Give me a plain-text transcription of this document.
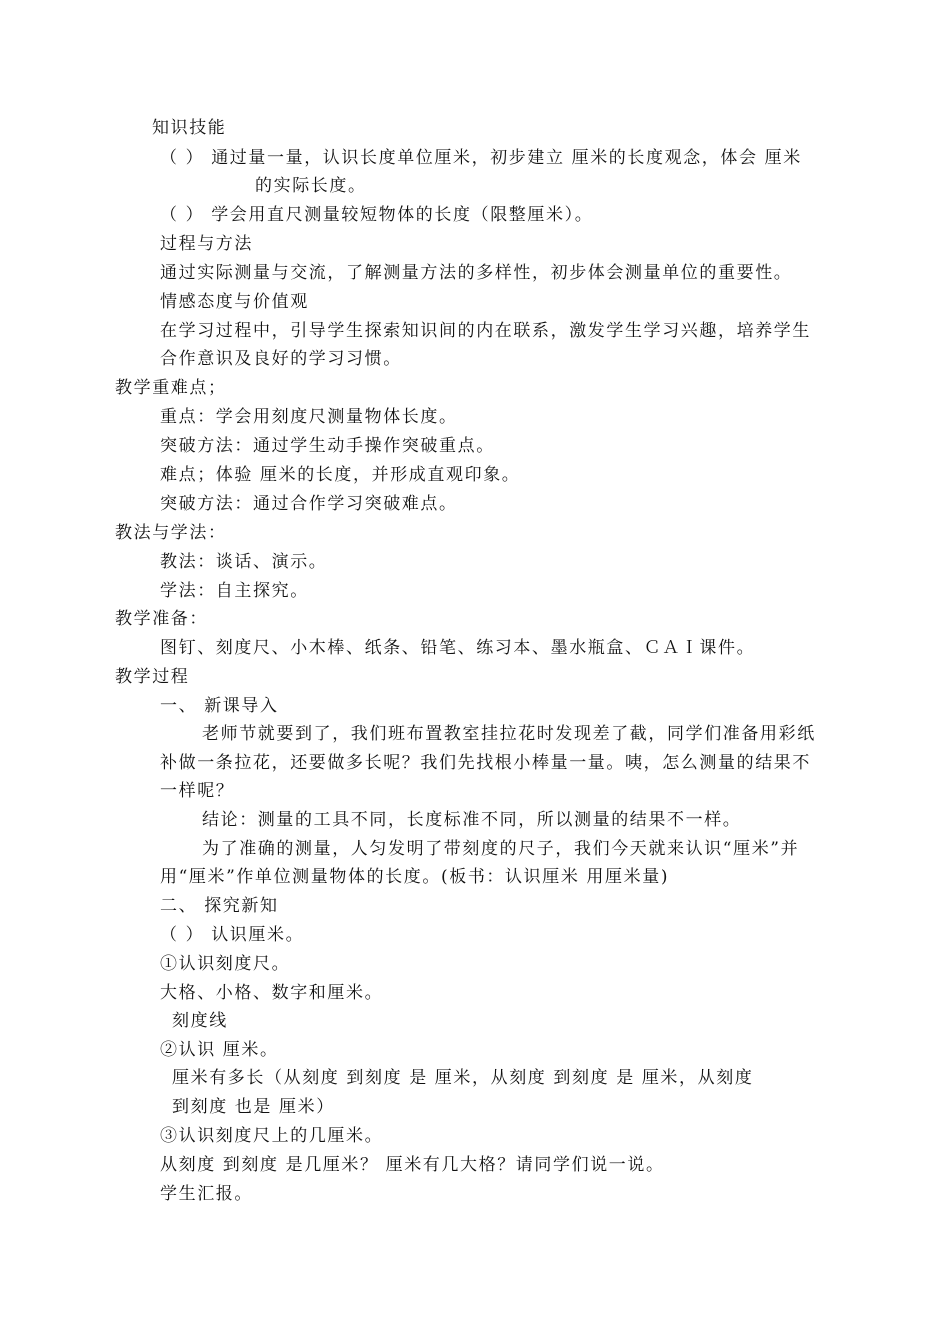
知识技能
（ ） 通过量一量，认识长度单位厘米，初步建立 厘米的长度观念，体会 厘米
的实际长度。
（ ） 学会用直尺测量较短物体的长度（限整厘米）。
过程与方法
通过实际测量与交流，了解测量方法的多样性，初步体会测量单位的重要性。
情感态度与价值观
在学习过程中，引导学生探索知识间的内在联系，激发学生学习兴趣，培养学生
合作意识及良好的学习习惯。
教学重难点；
重点：学会用刻度尺测量物体长度。
突破方法：通过学生动手操作突破重点。
难点；体验 厘米的长度，并形成直观印象。
突破方法：通过合作学习突破难点。
教法与学法：
教法：谈话、演示。
学法：自主探究。
教学准备：
图钉、刻度尺、小木棒、纸条、铅笔、练习本、墨水瓶盒、ＣＡＩ课件。
教学过程
一、 新课导入
老师节就要到了，我们班布置教室挂拉花时发现差了截，同学们准备用彩纸
补做一条拉花，还要做多长呢？我们先找根小棒量一量。咦，怎么测量的结果不
一样呢？
结论：测量的工具不同，长度标准不同，所以测量的结果不一样。
为了准确的测量，人匀发明了带刻度的尺子，我们今天就来认识“厘米”并
用“厘米”作单位测量物体的长度。(板书：认识厘米 用厘米量)
二、 探究新知
（ ） 认识厘米。
①认识刻度尺。
大格、小格、数字和厘米。
刻度线
②认识 厘米。
厘米有多长（从刻度 到刻度 是 厘米，从刻度 到刻度 是 厘米，从刻度
到刻度 也是 厘米）
③认识刻度尺上的几厘米。
从刻度 到刻度 是几厘米？ 厘米有几大格？请同学们说一说。
学生汇报。
